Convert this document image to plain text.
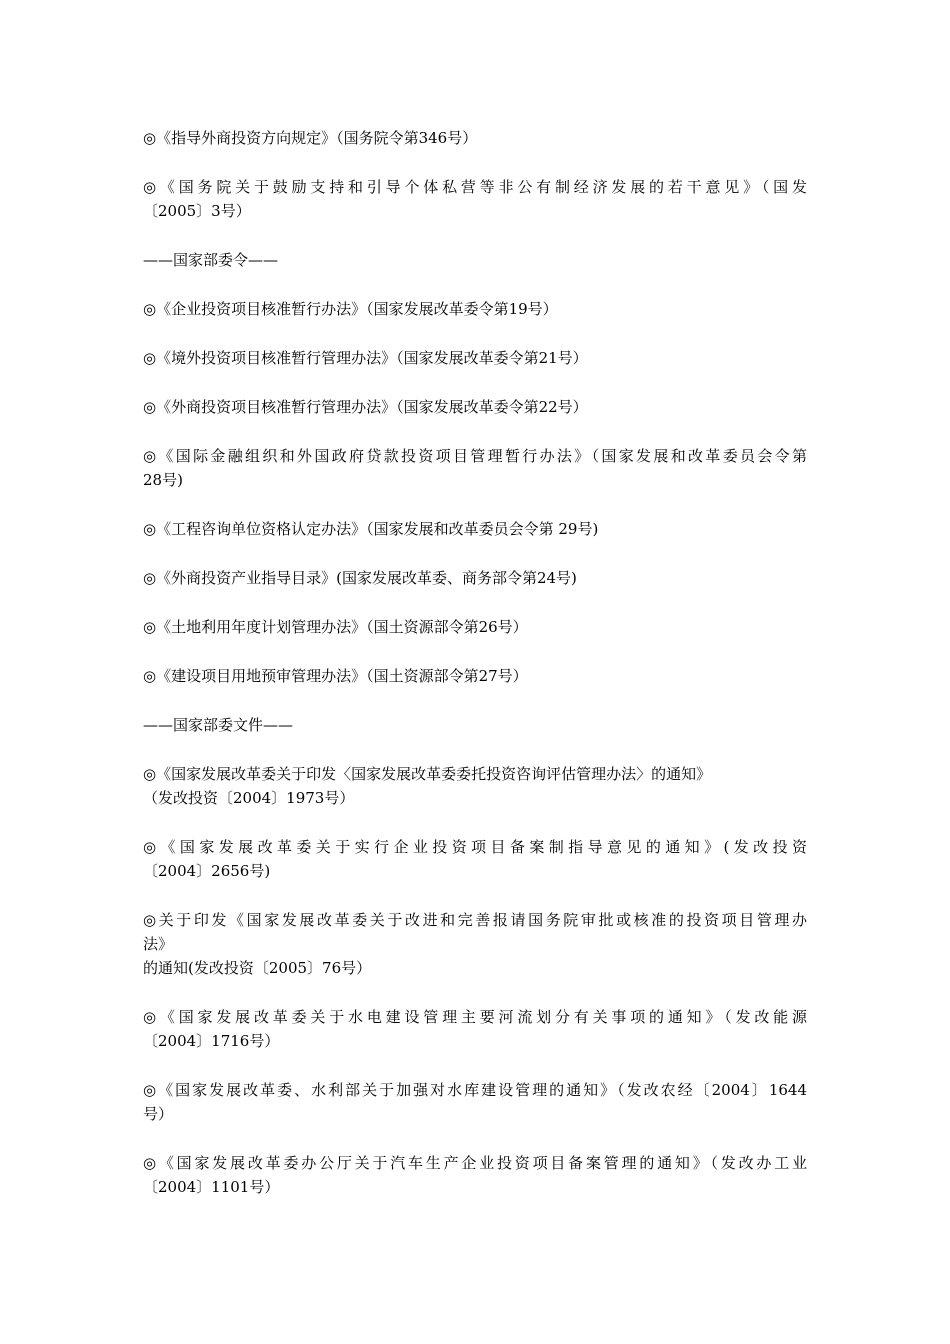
◎《指导外商投资方向规定》（国务院令第346号）
◎《国务院关于鼓励支持和引导个体私营等非公有制经济发展的若干意见》（国发
〔2005〕3号）
——国家部委令——
◎《企业投资项目核准暂行办法》（国家发展改革委令第19号）
◎《境外投资项目核准暂行管理办法》（国家发展改革委令第21号）
◎《外商投资项目核准暂行管理办法》（国家发展改革委令第22号）
◎《国际金融组织和外国政府贷款投资项目管理暂行办法》（国家发展和改革委员会令第
28号)
◎《工程咨询单位资格认定办法》（国家发展和改革委员会令第 29号)
◎《外商投资产业指导目录》(国家发展改革委、商务部令第24号)
◎《土地利用年度计划管理办法》（国土资源部令第26号）
◎《建设项目用地预审管理办法》（国土资源部令第27号）
——国家部委文件——
◎《国家发展改革委关于印发〈国家发展改革委委托投资咨询评估管理办法〉的通知》
（发改投资〔2004〕1973号）
◎《国家发展改革委关于实行企业投资项目备案制指导意见的通知》(发改投资
〔2004〕2656号)
◎关于印发《国家发展改革委关于改进和完善报请国务院审批或核准的投资项目管理办
法》
的通知(发改投资〔2005〕76号）
◎《国家发展改革委关于水电建设管理主要河流划分有关事项的通知》（发改能源
〔2004〕1716号）
◎《国家发展改革委、水利部关于加强对水库建设管理的通知》（发改农经〔2004〕1644
号）
◎《国家发展改革委办公厅关于汽车生产企业投资项目备案管理的通知》（发改办工业
〔2004〕1101号）
